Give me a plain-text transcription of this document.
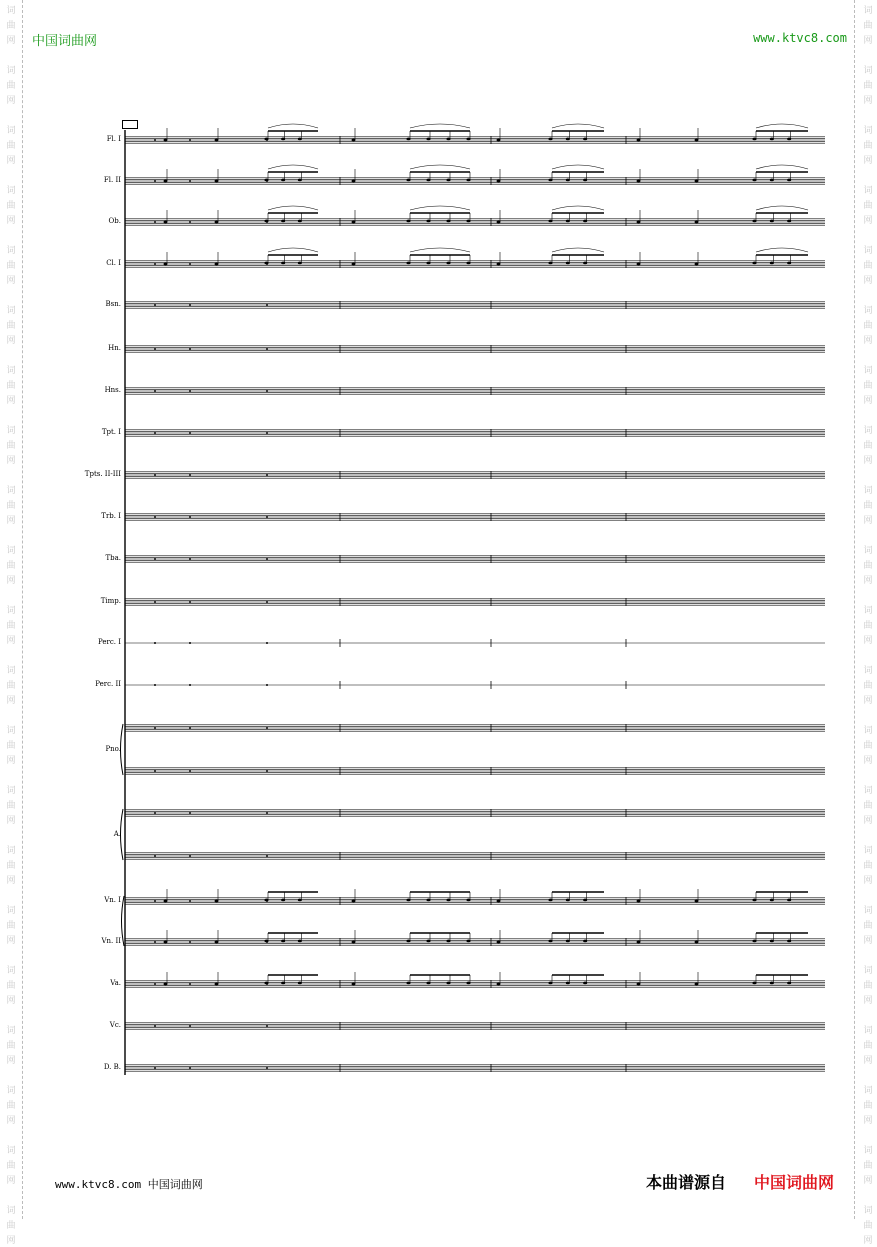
中国词曲网	www.ktvc8.com
Fl. I
Fl. II
Ob.
Cl. I
Bsn.
Hn.
Hns.
Tpt. I
Tpts. II-III
Trb. I
Tba.
Timp.
Perc. I
Perc. II
Pno.
A.
Vn. I
Vn. II
Va.
Vc.
D. B.
www.ktvc8.com 中国词曲网	本曲谱源自 中国词曲网
词
曲
网
词
曲
网
词
曲
网
词
曲
网
词
曲
网
词
曲
网
词
曲
网
词
曲
网
词
曲
网
词
曲
网
词
曲
网
词
曲
网
词
曲
网
词
曲
网
词
曲
网
词
曲
网
词
曲
网
词
曲
网
词
曲
网
词
曲
网
词
曲
网
词
曲
网
词
曲
网
词
曲
网
词
曲
网
词
曲
网
词
曲
网
词
曲
网
词
曲
网
词
曲
网
词
曲
网
词
曲
网
词
曲
网
词
曲
网
词
曲
网
词
曲
网
词
曲
网
词
曲
网
词
曲
网
词
曲
网
词
曲
网
词
曲
网
